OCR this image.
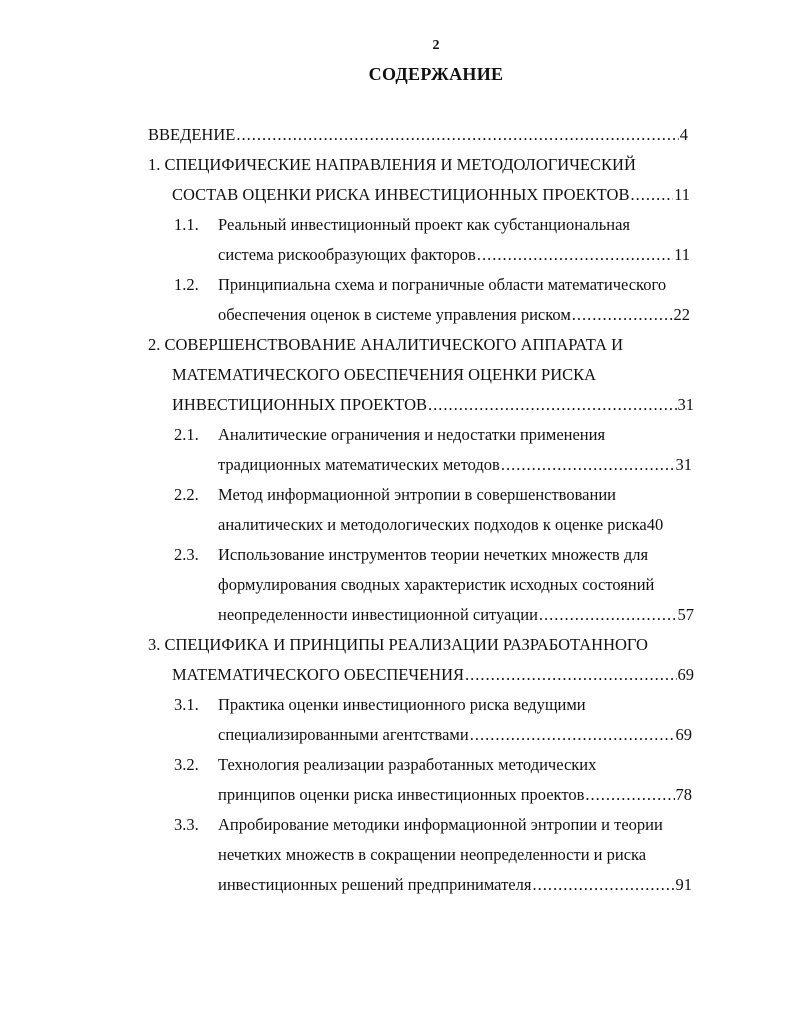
2
СОДЕРЖАНИЕ
ВВЕДЕНИЕ .....	4
1. СПЕЦИФИЧЕСКИЕ НАПРАВЛЕНИЯ И МЕТОДОЛОГИЧЕСКИЙ
СОСТАВ ОЦЕНКИ РИСКА ИНВЕСТИЦИОННЫХ ПРОЕКТОВ .....	11
1.1. Реальный инвестиционный проект как субстанциональная
система рискообразующих факторов .....	11
1.2. Принципиальна схема и пограничные области математического
обеспечения оценок в системе управления риском .....	22
2. СОВЕРШЕНСТВОВАНИЕ АНАЛИТИЧЕСКОГО АППАРАТА И
МАТЕМАТИЧЕСКОГО ОБЕСПЕЧЕНИЯ ОЦЕНКИ РИСКА
ИНВЕСТИЦИОННЫХ ПРОЕКТОВ .....	31
2.1. Аналитические ограничения и недостатки применения
традиционных математических методов .....	31
2.2. Метод информационной энтропии в совершенствовании
аналитических и методологических подходов к оценке риска 40
2.3. Использование инструментов теории нечетких множеств для
формулирования сводных характеристик исходных состояний
неопределенности инвестиционной ситуации .....	57
3. СПЕЦИФИКА И ПРИНЦИПЫ РЕАЛИЗАЦИИ РАЗРАБОТАННОГО
МАТЕМАТИЧЕСКОГО ОБЕСПЕЧЕНИЯ .....	69
3.1. Практика оценки инвестиционного риска ведущими
специализированными агентствами .....	69
3.2. Технология реализации разработанных методических
принципов оценки риска инвестиционных проектов .....	78
3.3. Апробирование методики информационной энтропии и теории
нечетких множеств в сокращении неопределенности и риска
инвестиционных решений предпринимателя .....	91
